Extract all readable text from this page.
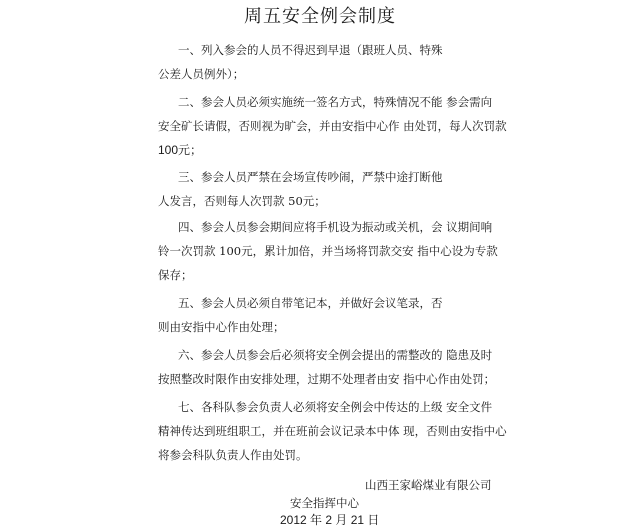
周五安全例会制度
一、列入参会的人员不得迟到早退（跟班人员、特殊
公差人员例外）；
二、参会人员必须实施统一签名方式，特殊情况不能 参会需向
安全矿长请假，否则视为旷会，并由安指中心作 由处罚，每人次罚款
100元；
三、参会人员严禁在会场宣传吵闹，严禁中途打断他
人发言，否则每人次罚款 50元；
四、参会人员参会期间应将手机设为振动或关机，会 议期间响
铃一次罚款 100元，累计加倍，并当场将罚款交安 指中心设为专款
保存；
五、参会人员必须自带笔记本，并做好会议笔录，否
则由安指中心作由处理；
六、参会人员参会后必须将安全例会提出的需整改的 隐患及时
按照整改时限作由安排处理，过期不处理者由安 指中心作由处罚；
七、各科队参会负责人必须将安全例会中传达的上级 安全文件
精神传达到班组职工，并在班前会议记录本中体 现，否则由安指中心
将参会科队负责人作由处罚。
山西王家峪煤业有限公司
安全指挥中心
2012 年 2 月 21 日
